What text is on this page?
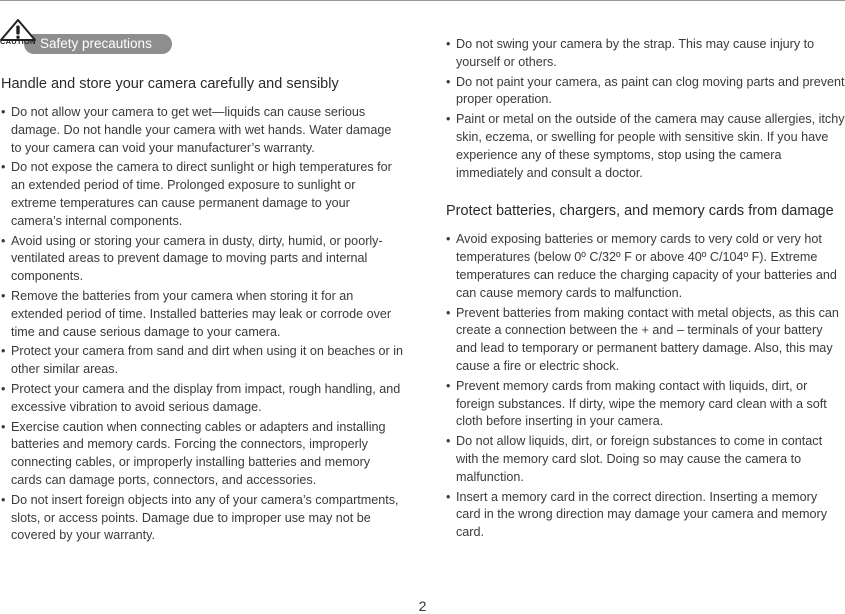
Safety precautions
CAUTION
Handle and store your camera carefully and sensibly
• Do not allow your camera to get wet—liquids can cause serious damage. Do not handle your camera with wet hands. Water damage to your camera can void your manufacturer’s warranty.
• Do not expose the camera to direct sunlight or high temperatures for an extended period of time. Prolonged exposure to sunlight or extreme temperatures can cause permanent damage to your camera’s internal components.
• Avoid using or storing your camera in dusty, dirty, humid, or poorly-ventilated areas to prevent damage to moving parts and internal components.
• Remove the batteries from your camera when storing it for an extended period of time. Installed batteries may leak or corrode over time and cause serious damage to your camera.
• Protect your camera from sand and dirt when using it on beaches or in other similar areas.
• Protect your camera and the display from impact, rough handling, and excessive vibration to avoid serious damage.
• Exercise caution when connecting cables or adapters and installing batteries and memory cards. Forcing the connectors, improperly connecting cables, or improperly installing batteries and memory cards can damage ports, connectors, and accessories.
• Do not insert foreign objects into any of your camera’s compartments, slots, or access points. Damage due to improper use may not be covered by your warranty.
• Do not swing your camera by the strap. This may cause injury to yourself or others.
• Do not paint your camera, as paint can clog moving parts and prevent proper operation.
• Paint or metal on the outside of the camera may cause allergies, itchy skin, eczema, or swelling for people with sensitive skin. If you have experience any of these symptoms, stop using the camera immediately and consult a doctor.
Protect batteries, chargers, and memory cards from damage
• Avoid exposing batteries or memory cards to very cold or very hot temperatures (below 0º C/32º F or above 40º C/104º F). Extreme temperatures can reduce the charging capacity of your batteries and can cause memory cards to malfunction.
• Prevent batteries from making contact with metal objects, as this can create a connection between the + and – terminals of your battery and lead to temporary or permanent battery damage. Also, this may cause a fire or electric shock.
• Prevent memory cards from making contact with liquids, dirt, or foreign substances. If dirty, wipe the memory card clean with a soft cloth before inserting in your camera.
• Do not allow liquids, dirt, or foreign substances to come in contact with the memory card slot. Doing so may cause the camera to malfunction.
• Insert a memory card in the correct direction. Inserting a memory card in the wrong direction may damage your camera and memory card.
2
